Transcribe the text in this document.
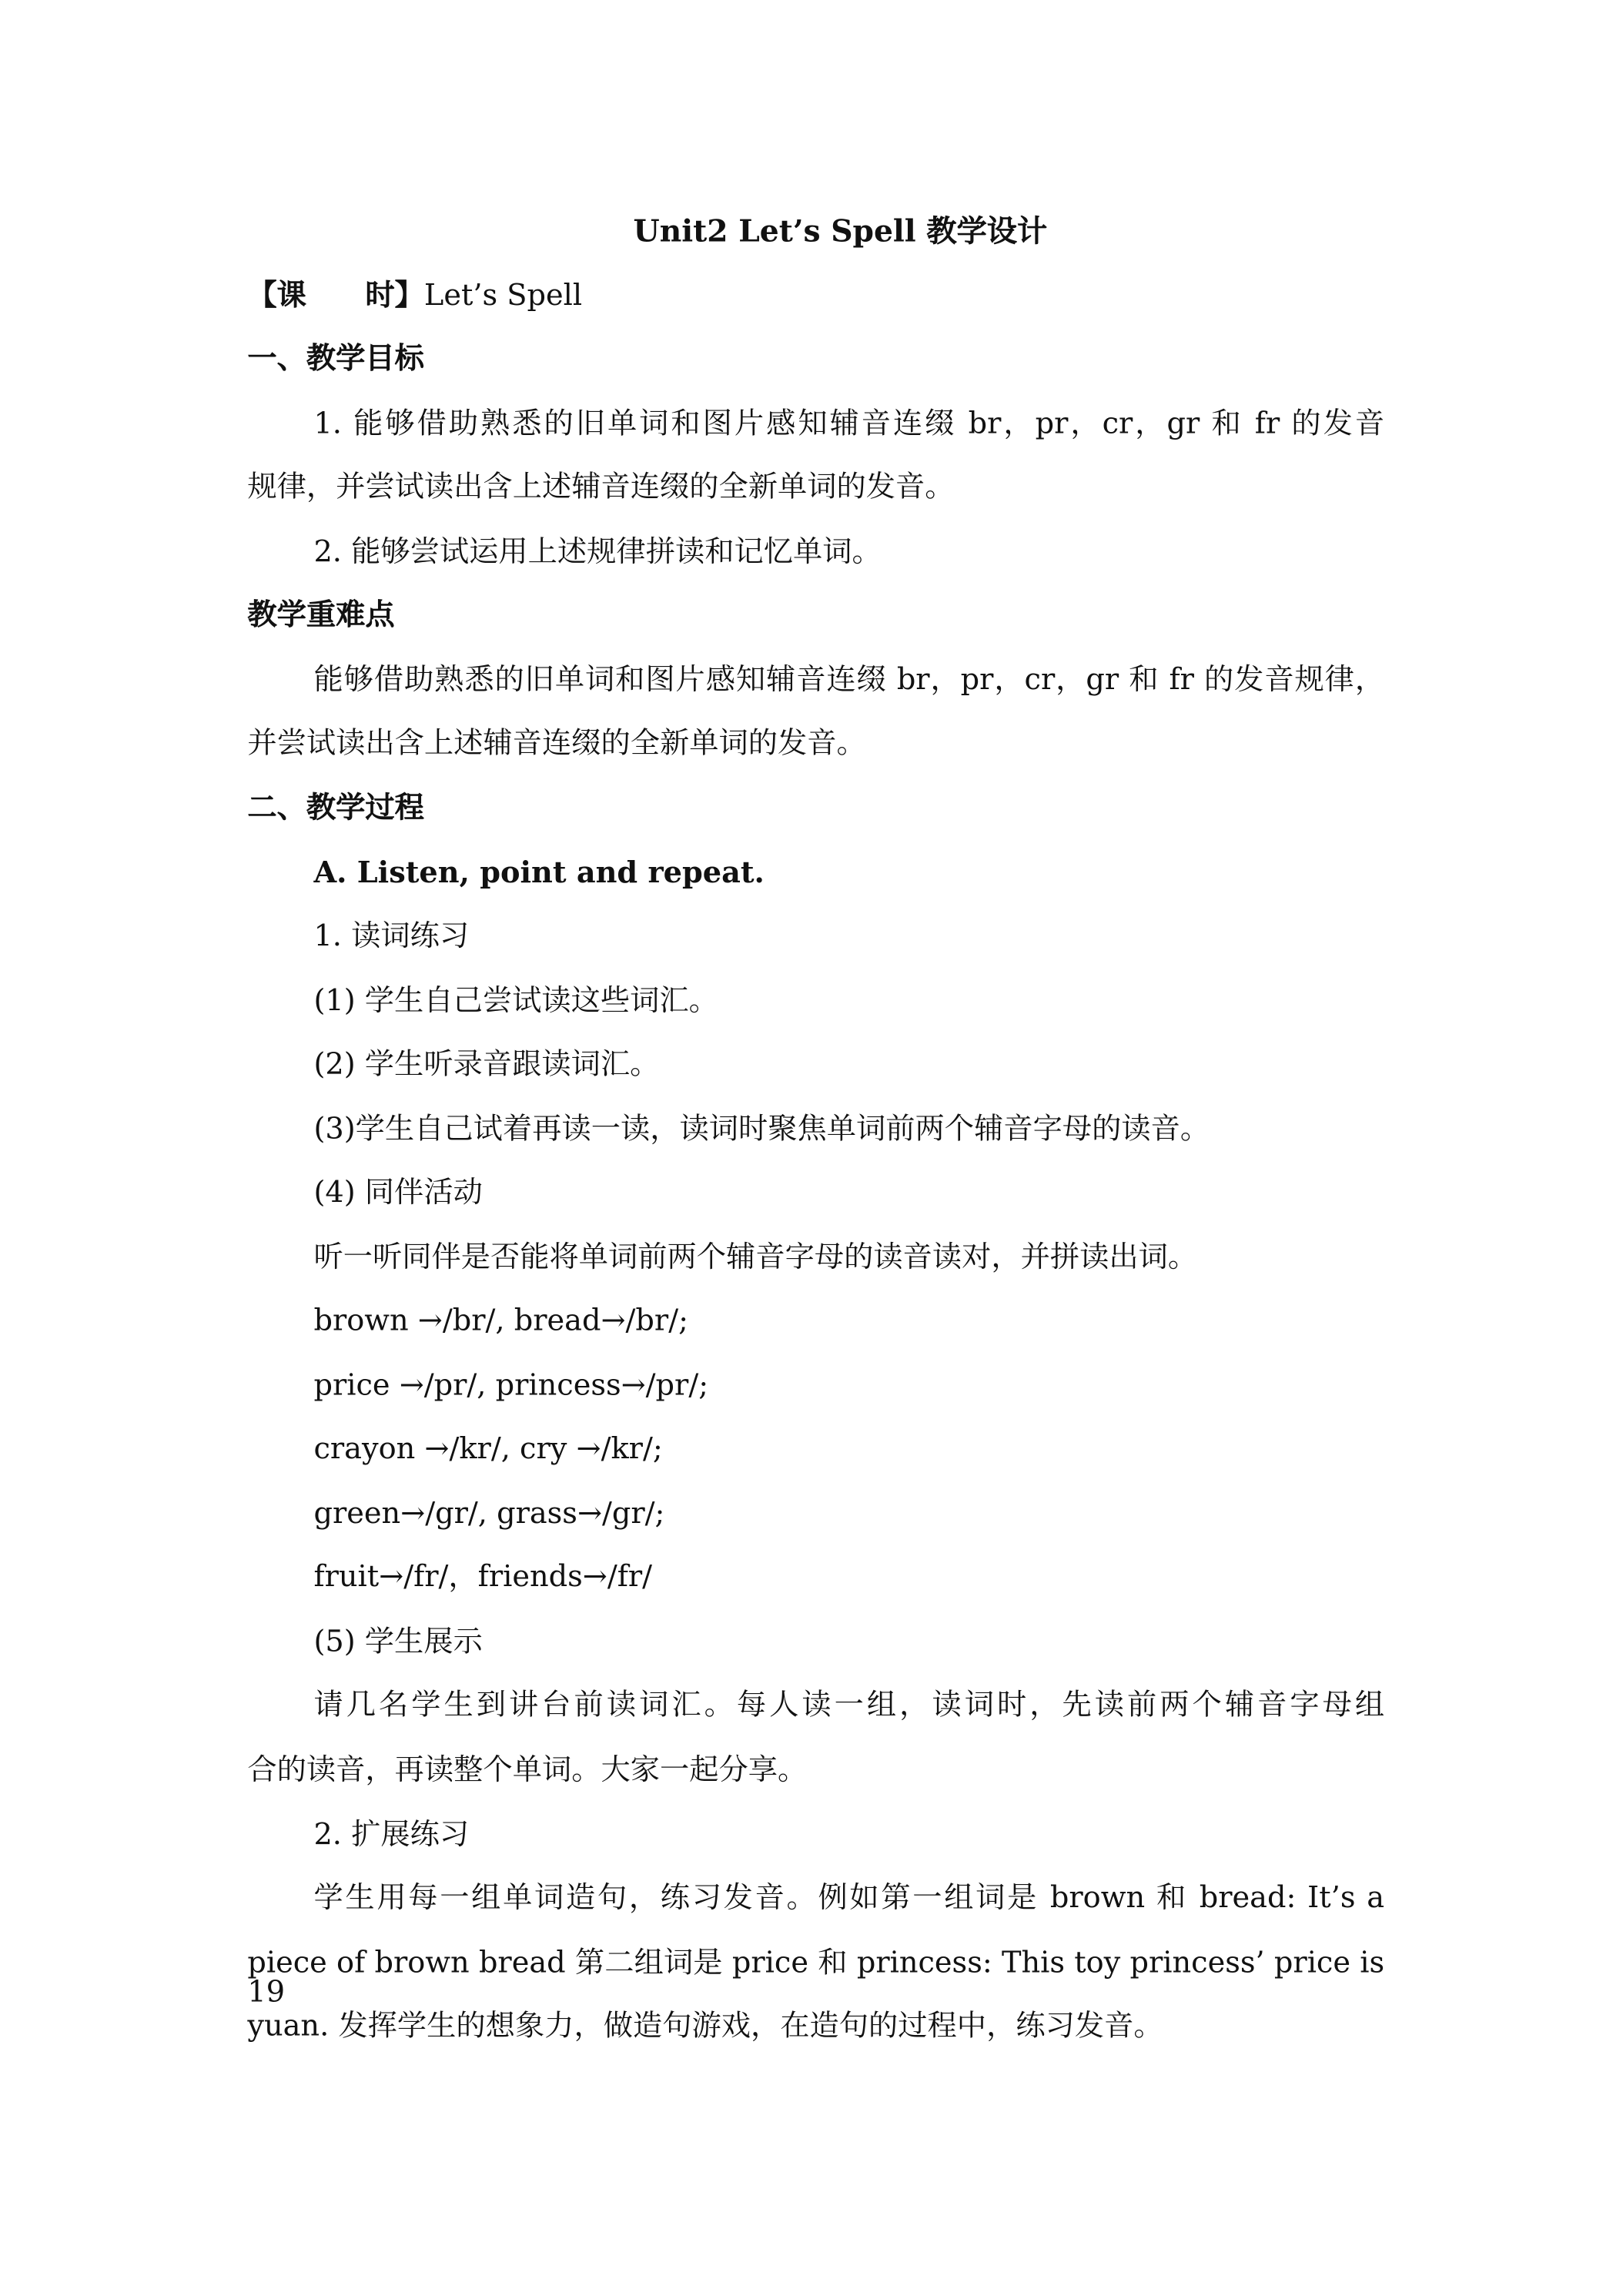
Unit2 Let’s Spell 教学设计
【课　　时】Let’s Spell
一、教学目标
1. 能够借助熟悉的旧单词和图片感知辅音连缀 br，pr，cr，gr 和 fr 的发音
规律，并尝试读出含上述辅音连缀的全新单词的发音。
2. 能够尝试运用上述规律拼读和记忆单词。
教学重难点
能够借助熟悉的旧单词和图片感知辅音连缀 br，pr，cr，gr 和 fr 的发音规律，
并尝试读出含上述辅音连缀的全新单词的发音。
二、教学过程
A. Listen, point and repeat.
1. 读词练习
(1) 学生自己尝试读这些词汇。
(2) 学生听录音跟读词汇。
(3)学生自己试着再读一读，读词时聚焦单词前两个辅音字母的读音。
(4) 同伴活动
听一听同伴是否能将单词前两个辅音字母的读音读对，并拼读出词。
brown →/br/, bread→/br/;
price →/pr/, princess→/pr/;
crayon →/kr/, cry →/kr/;
green→/gr/, grass→/gr/;
fruit→/fr/，friends→/fr/
(5) 学生展示
请几名学生到讲台前读词汇。每人读一组，读词时，先读前两个辅音字母组
合的读音，再读整个单词。大家一起分享。
2. 扩展练习
学生用每一组单词造句，练习发音。例如第一组词是 brown 和 bread: It’s a
piece of brown bread 第二组词是 price 和 princess: This toy princess’ price is 19
yuan. 发挥学生的想象力，做造句游戏，在造句的过程中，练习发音。
